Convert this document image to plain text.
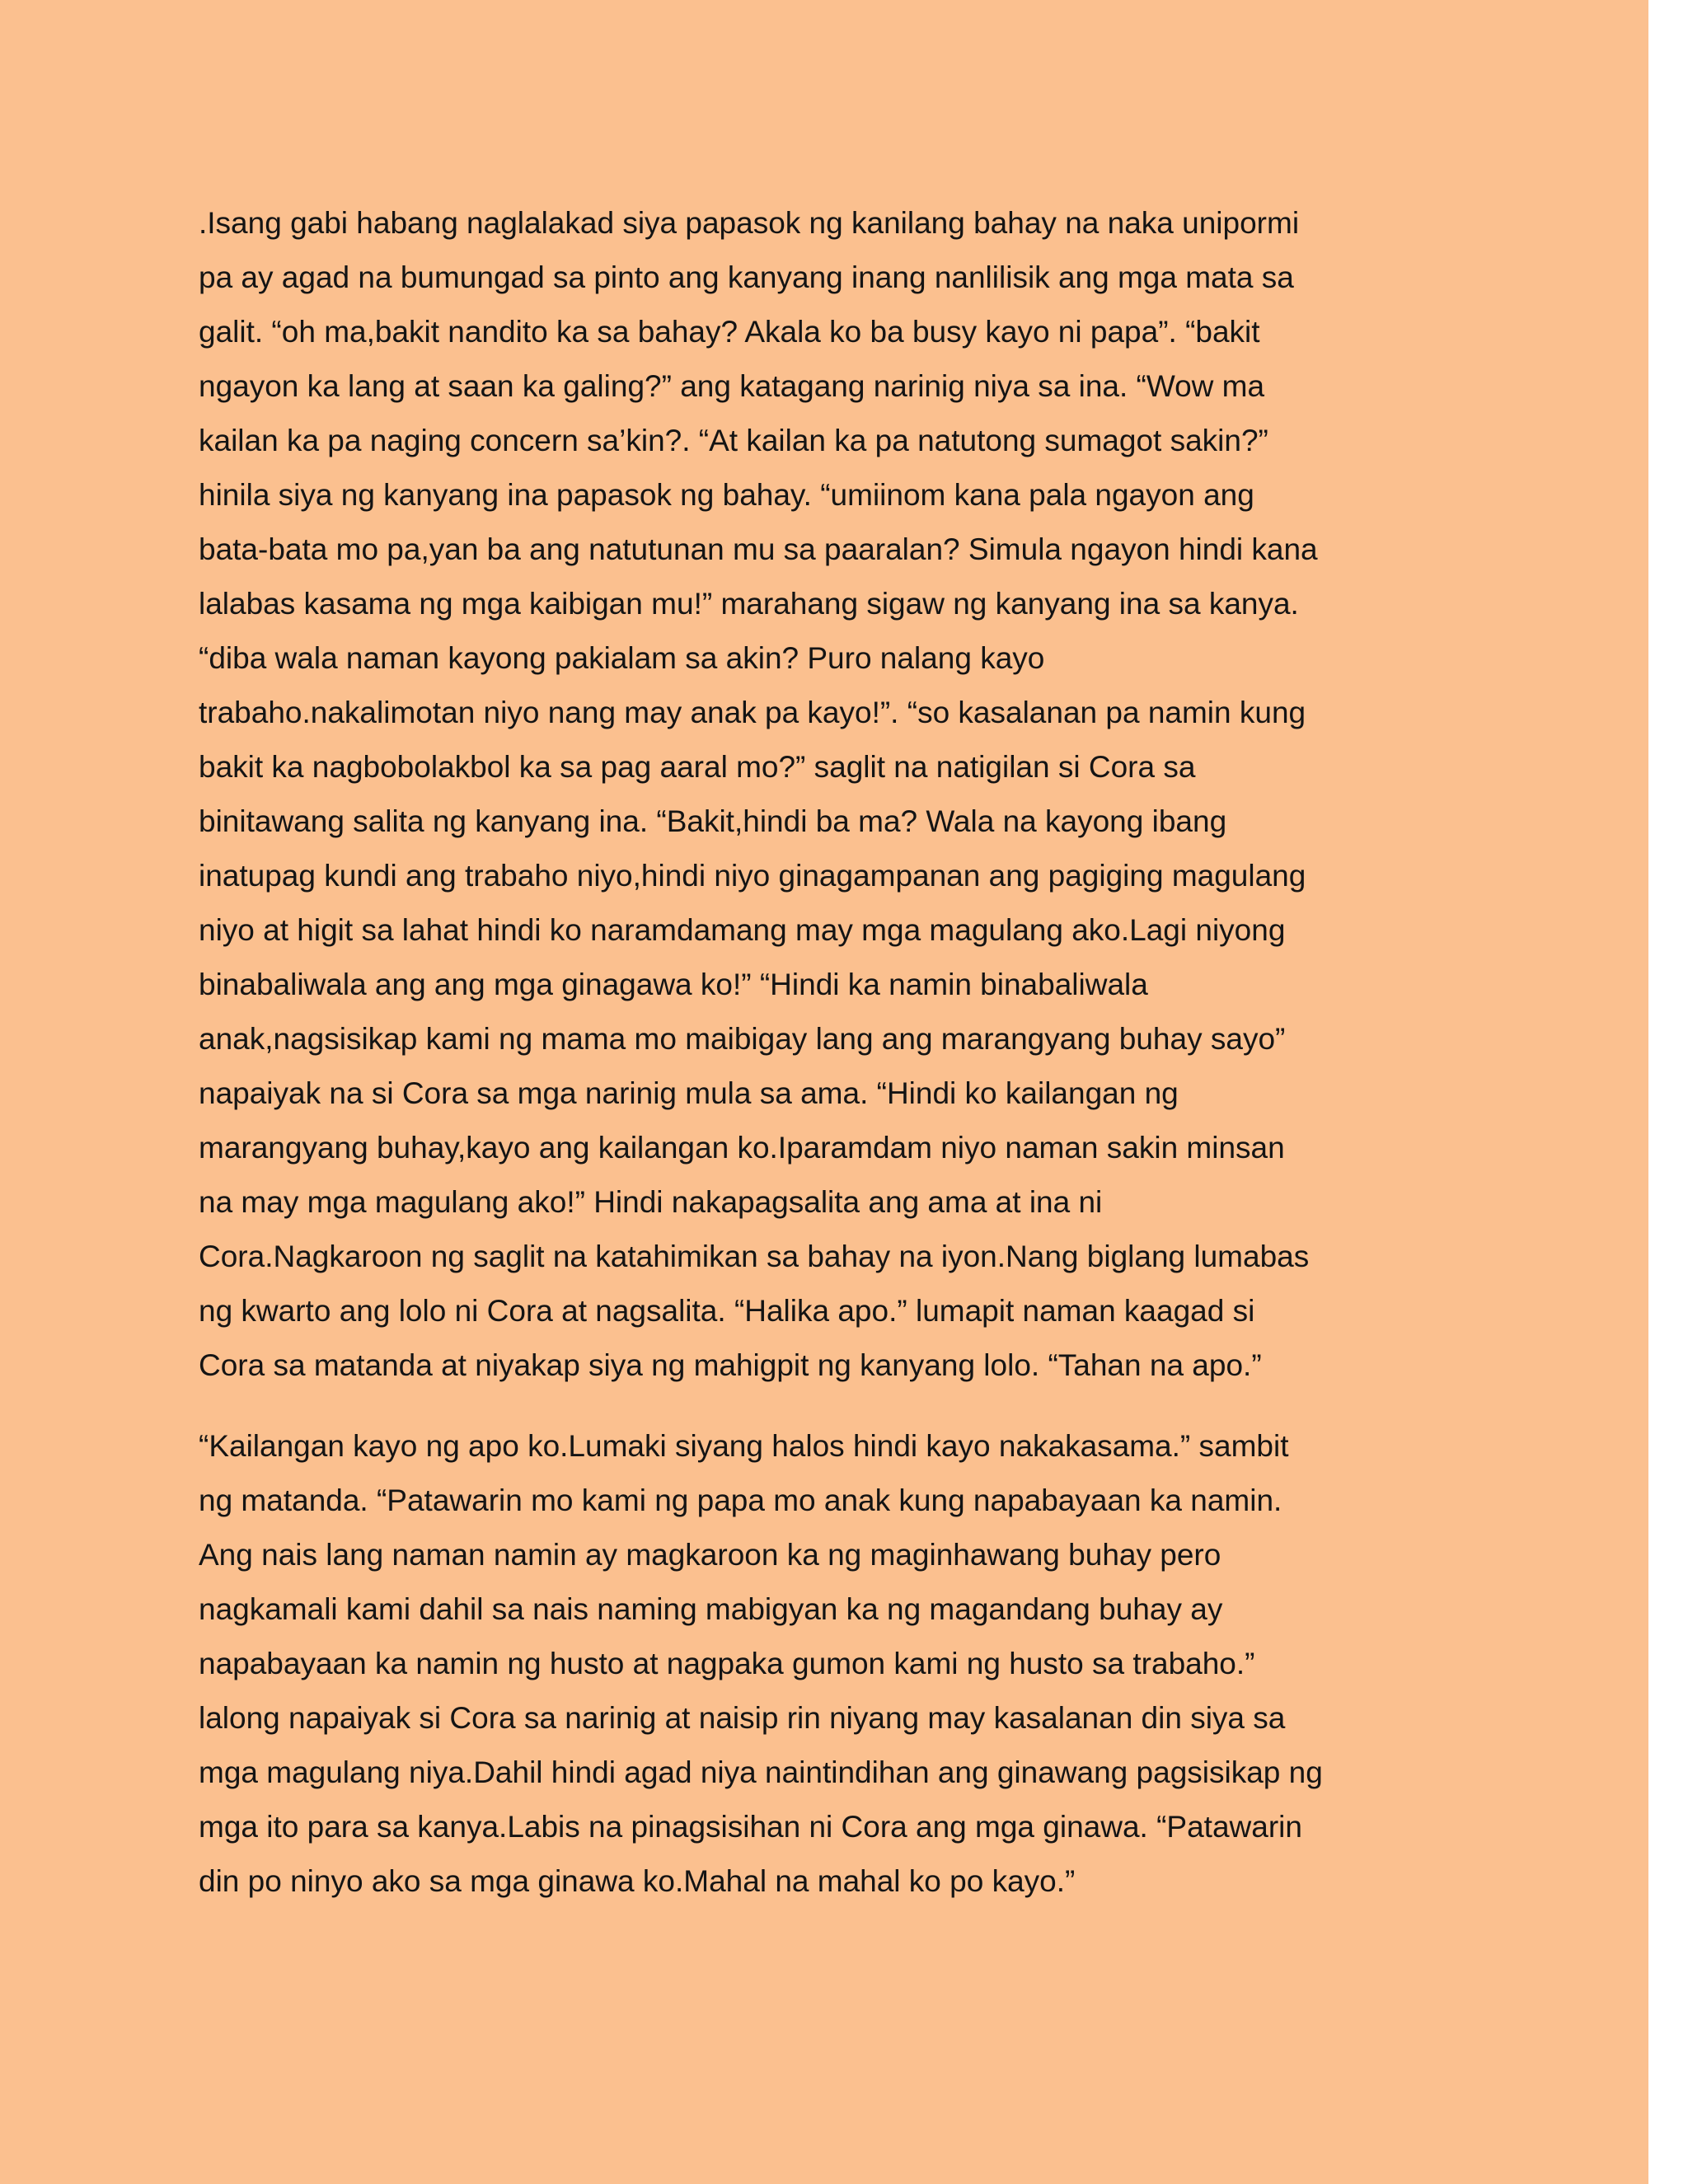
.Isang gabi habang naglalakad siya papasok ng kanilang bahay na naka unipormi
pa ay agad na bumungad sa pinto ang kanyang inang nanlilisik ang mga mata sa
galit. “oh ma,bakit nandito ka sa bahay? Akala ko ba busy kayo ni papa”. “bakit
ngayon ka lang at saan ka galing?” ang katagang narinig niya sa ina. “Wow ma
kailan ka pa naging concern sa’kin?. “At kailan ka pa natutong sumagot sakin?”
hinila siya ng kanyang ina papasok ng bahay. “umiinom kana pala ngayon ang
bata-bata mo pa,yan ba ang natutunan mu sa paaralan? Simula ngayon hindi kana
lalabas kasama ng mga kaibigan mu!” marahang sigaw ng kanyang ina sa kanya.
“diba wala naman kayong pakialam sa akin? Puro nalang kayo
trabaho.nakalimotan niyo nang may anak pa kayo!”. “so kasalanan pa namin kung
bakit ka nagbobolakbol ka sa pag aaral mo?” saglit na natigilan si Cora sa
binitawang salita ng kanyang ina. “Bakit,hindi ba ma? Wala na kayong ibang
inatupag kundi ang trabaho niyo,hindi niyo ginagampanan ang pagiging magulang
niyo at higit sa lahat hindi ko naramdamang may mga magulang ako.Lagi niyong
binabaliwala ang ang mga ginagawa ko!” “Hindi ka namin binabaliwala
anak,nagsisikap kami ng mama mo maibigay lang ang marangyang buhay sayo”
napaiyak na si Cora sa mga narinig mula sa ama. “Hindi ko kailangan ng
marangyang buhay,kayo ang kailangan ko.Iparamdam niyo naman sakin minsan
na may mga magulang ako!” Hindi nakapagsalita ang ama at ina ni
Cora.Nagkaroon ng saglit na katahimikan sa bahay na iyon.Nang biglang lumabas
ng kwarto ang lolo ni Cora at nagsalita. “Halika apo.” lumapit naman kaagad si
Cora sa matanda at niyakap siya ng mahigpit ng kanyang lolo. “Tahan na apo.”
“Kailangan kayo ng apo ko.Lumaki siyang halos hindi kayo nakakasama.” sambit
ng matanda. “Patawarin mo kami ng papa mo anak kung napabayaan ka namin.
Ang nais lang naman namin ay magkaroon ka ng maginhawang buhay pero
nagkamali kami dahil sa nais naming mabigyan ka ng magandang buhay ay
napabayaan ka namin ng husto at nagpaka gumon kami ng husto sa trabaho.”
lalong napaiyak si Cora sa narinig at naisip rin niyang may kasalanan din siya sa
mga magulang niya.Dahil hindi agad niya naintindihan ang ginawang pagsisikap ng
mga ito para sa kanya.Labis na pinagsisihan ni Cora ang mga ginawa. “Patawarin
din po ninyo ako sa mga ginawa ko.Mahal na mahal ko po kayo.”
